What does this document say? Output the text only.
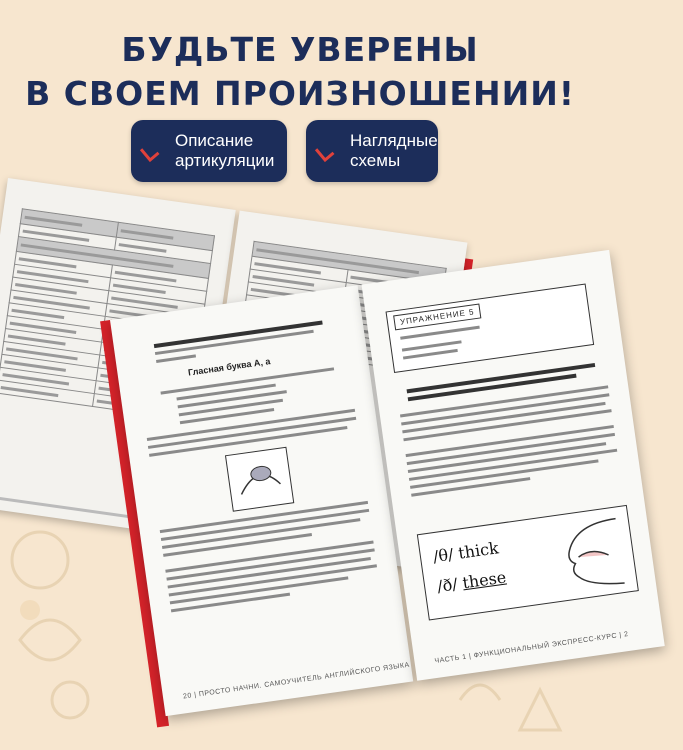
БУДЬТЕ УВЕРЕНЫ
В СВОЕМ ПРОИЗНОШЕНИИ!
Описание
артикуляции
Наглядные
схемы

Гласная буква А, а
20 | ПРОСТО НАЧНИ. САМОУЧИТЕЛЬ АНГЛИЙСКОГО ЯЗЫКА
УПРАЖНЕНИЕ 5
/θ/ thick
/ð/ these
ЧАСТЬ 1 | ФУНКЦИОНАЛЬНЫЙ ЭКСПРЕСС-КУРС | 2
